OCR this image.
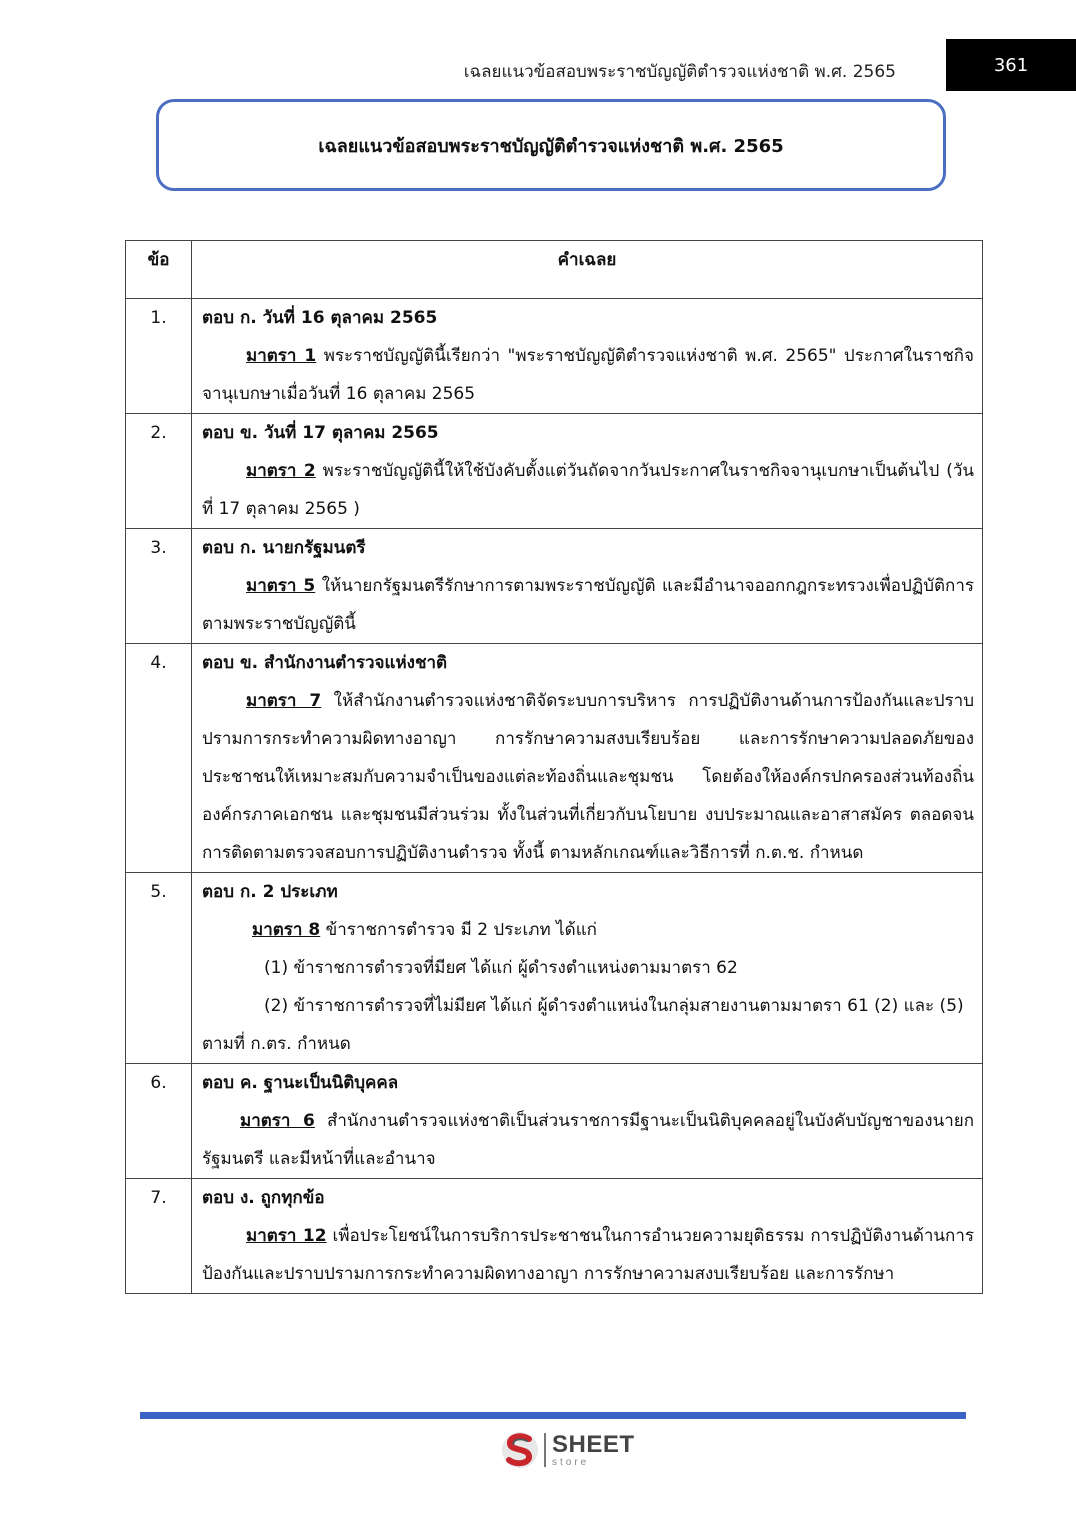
เฉลยแนวข้อสอบพระราชบัญญัติตำรวจแห่งชาติ พ.ศ. 2565	361
เฉลยแนวข้อสอบพระราชบัญญัติตำรวจแห่งชาติ พ.ศ. 2565
ข้อ	คำเฉลย
1.	ตอบ ก. วันที่ 16 ตุลาคม 2565
มาตรา 1 พระราชบัญญัตินี้เรียกว่า "พระราชบัญญัติตำรวจแห่งชาติ พ.ศ. 2565" ประกาศในราชกิจจานุเบกษาเมื่อวันที่ 16 ตุลาคม 2565

2.	ตอบ ข. วันที่ 17 ตุลาคม 2565
มาตรา 2 พระราชบัญญัตินี้ให้ใช้บังคับตั้งแต่วันถัดจากวันประกาศในราชกิจจานุเบกษาเป็นต้นไป (วันที่ 17 ตุลาคม 2565 )

3.	ตอบ ก. นายกรัฐมนตรี
มาตรา 5 ให้นายกรัฐมนตรีรักษาการตามพระราชบัญญัติ และมีอำนาจออกกฎกระทรวงเพื่อปฏิบัติการตามพระราชบัญญัตินี้

4.	ตอบ ข. สำนักงานตำรวจแห่งชาติ
มาตรา 7 ให้สำนักงานตำรวจแห่งชาติจัดระบบการบริหาร การปฏิบัติงานด้านการป้องกันและปราบปรามการกระทำความผิดทางอาญา การรักษาความสงบเรียบร้อย และการรักษาความปลอดภัยของประชาชนให้เหมาะสมกับความจำเป็นของแต่ละท้องถิ่นและชุมชน โดยต้องให้องค์กรปกครองส่วนท้องถิ่น องค์กรภาคเอกชน และชุมชนมีส่วนร่วม ทั้งในส่วนที่เกี่ยวกับนโยบาย งบประมาณและอาสาสมัคร ตลอดจนการติดตามตรวจสอบการปฏิบัติงานตำรวจ ทั้งนี้ ตามหลักเกณฑ์และวิธีการที่ ก.ต.ช. กำหนด

5.	ตอบ ก. 2 ประเภท
มาตรา 8 ข้าราชการตำรวจ มี 2 ประเภท ได้แก่
(1) ข้าราชการตำรวจที่มียศ ได้แก่ ผู้ดำรงตำแหน่งตามมาตรา 62
(2) ข้าราชการตำรวจที่ไม่มียศ ได้แก่ ผู้ดำรงตำแหน่งในกลุ่มสายงานตามมาตรา 61 (2) และ (5) ตามที่ ก.ตร. กำหนด

6.	ตอบ ค. ฐานะเป็นนิติบุคคล
มาตรา 6 สำนักงานตำรวจแห่งชาติเป็นส่วนราชการมีฐานะเป็นนิติบุคคลอยู่ในบังคับบัญชาของนายกรัฐมนตรี และมีหน้าที่และอำนาจ

7.	ตอบ ง. ถูกทุกข้อ
มาตรา 12 เพื่อประโยชน์ในการบริการประชาชนในการอำนวยความยุติธรรม การปฏิบัติงานด้านการป้องกันและปราบปรามการกระทำความผิดทางอาญา การรักษาความสงบเรียบร้อย และการรักษา
SHEET
store
